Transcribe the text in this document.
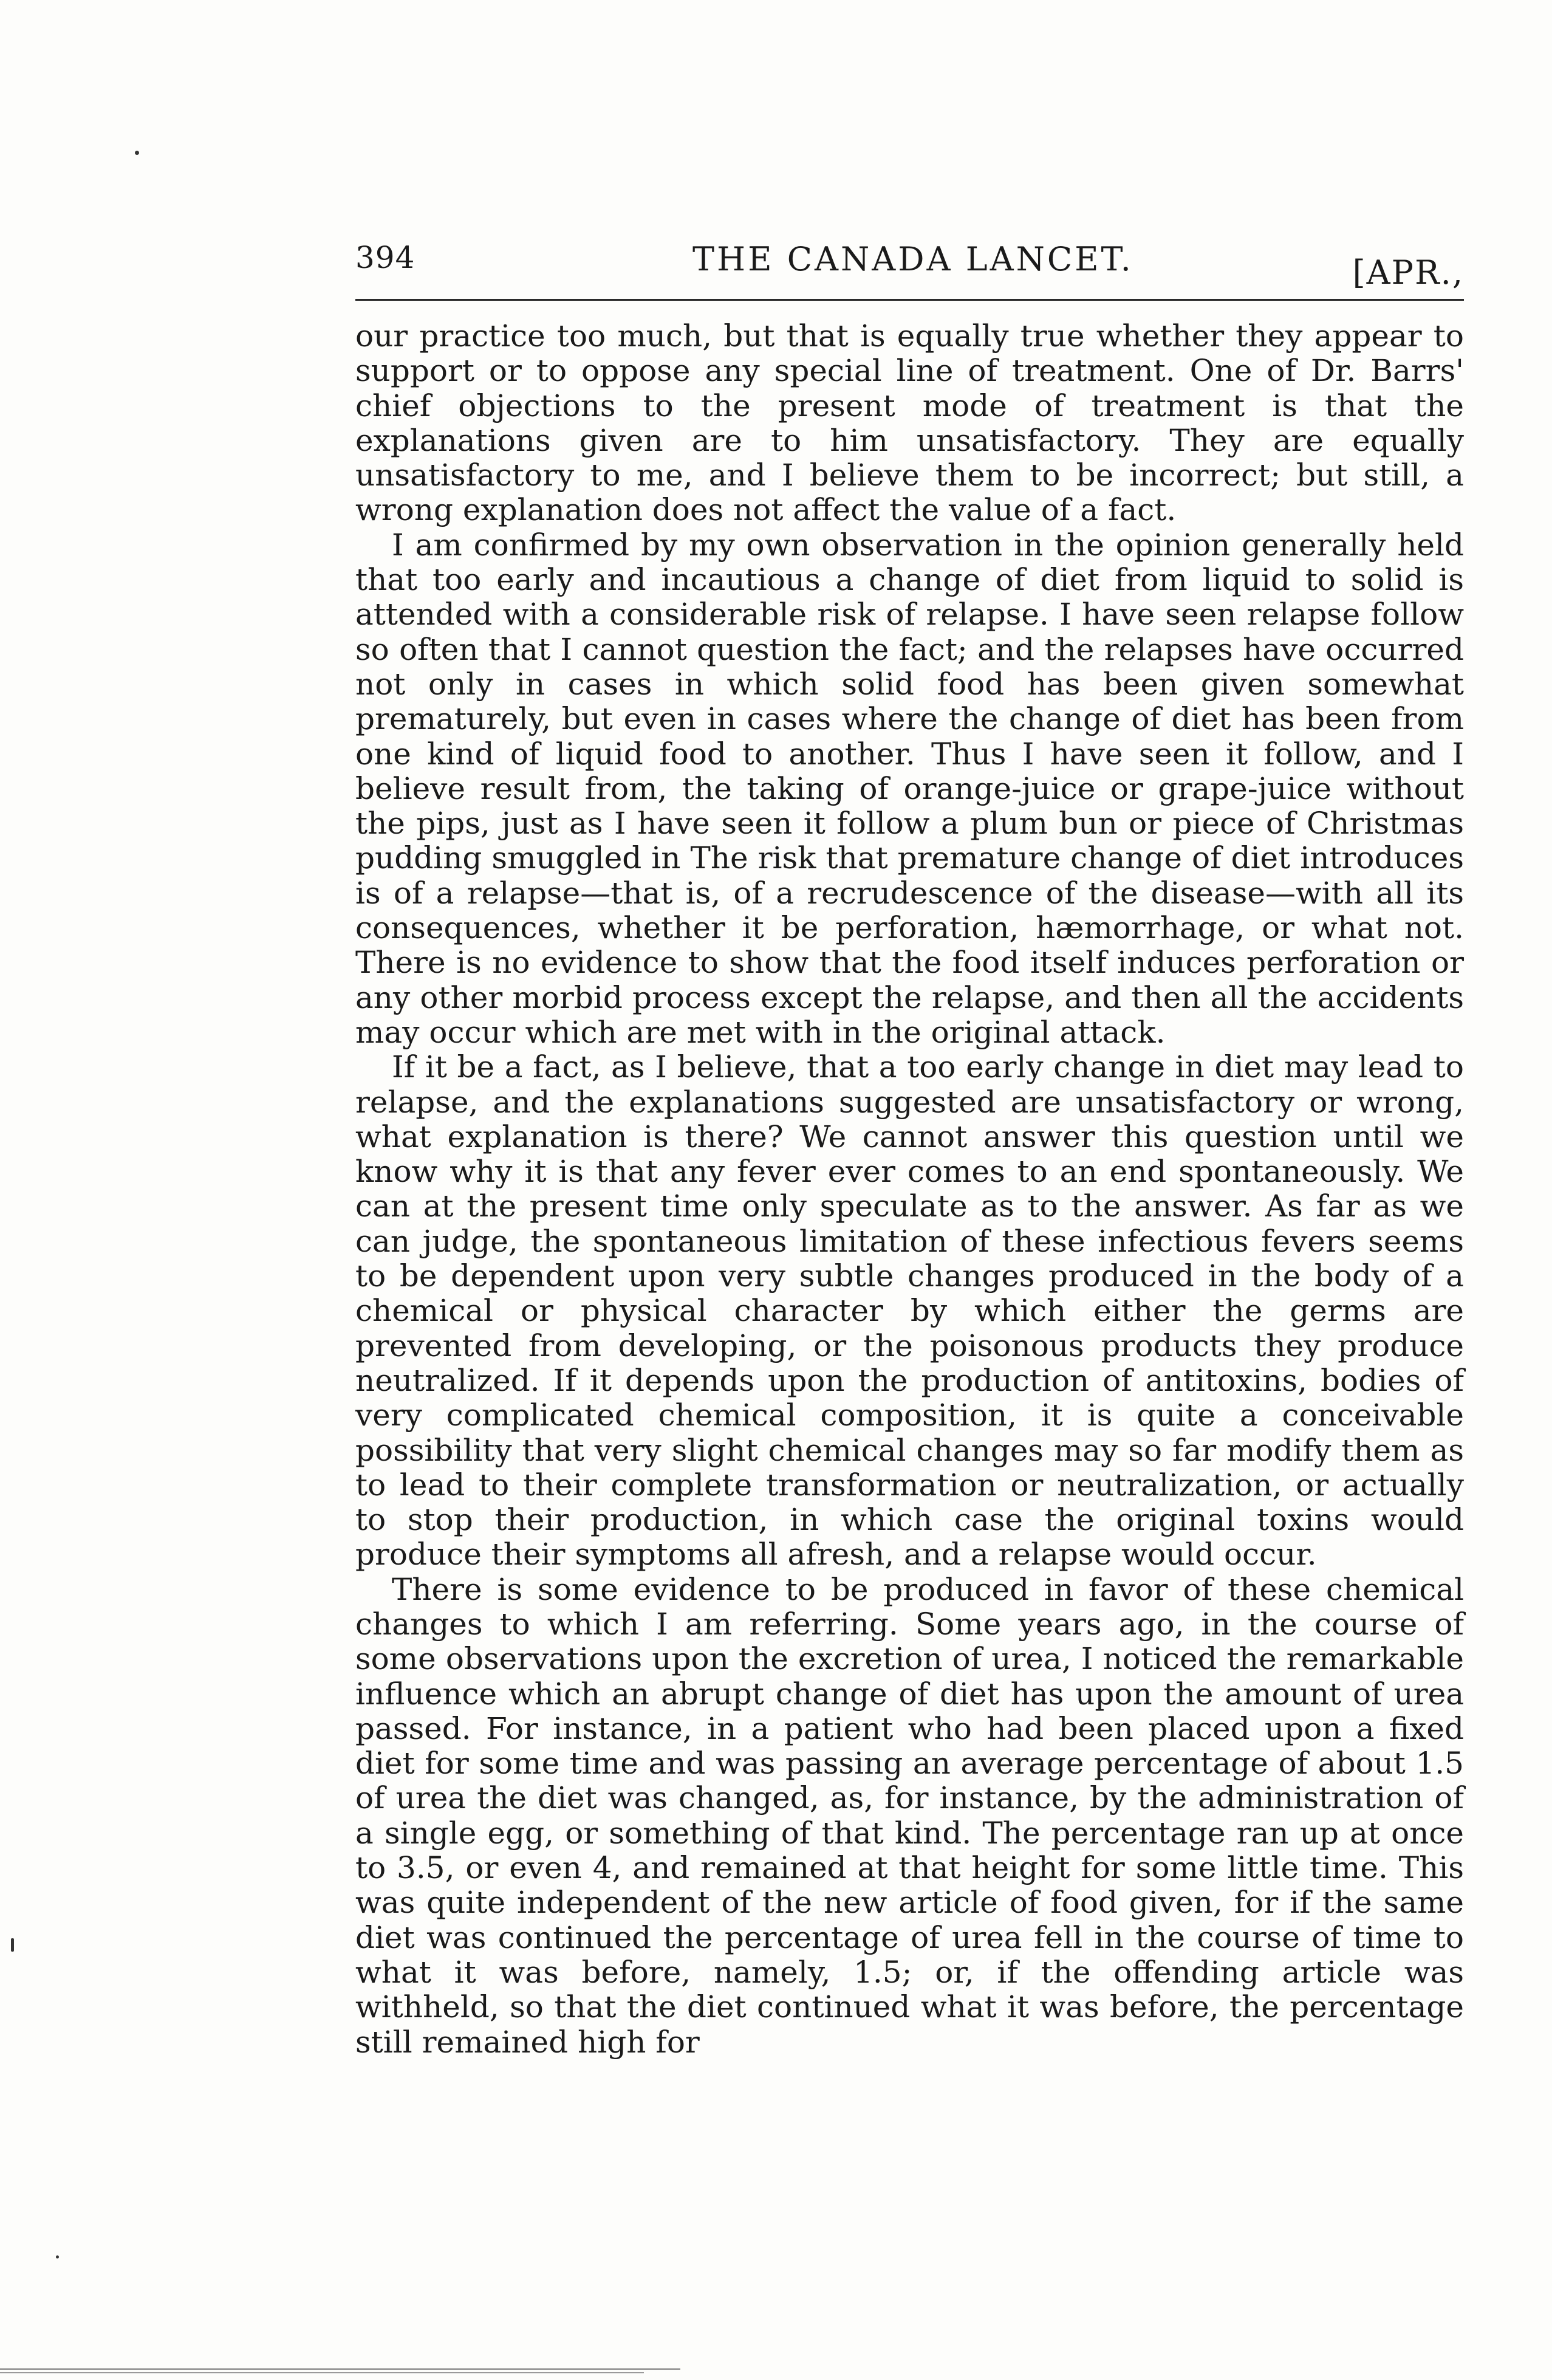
394	THE CANADA LANCET.	[APR.,

our practice too much, but that is equally true whether they appear to support or to oppose any special line of treatment. One of Dr. Barrs' chief objections to the present mode of treatment is that the explanations given are to him unsatisfactory. They are equally unsatisfactory to me, and I believe them to be incorrect; but still, a wrong explanation does not affect the value of a fact.

I am confirmed by my own observation in the opinion generally held that too early and incautious a change of diet from liquid to solid is attended with a considerable risk of relapse. I have seen relapse follow so often that I cannot question the fact; and the relapses have occurred not only in cases in which solid food has been given somewhat prematurely, but even in cases where the change of diet has been from one kind of liquid food to another. Thus I have seen it follow, and I believe result from, the taking of orange-juice or grape-juice without the pips, just as I have seen it follow a plum bun or piece of Christmas pudding smuggled in The risk that premature change of diet introduces is of a relapse—that is, of a recrudescence of the disease—with all its consequences, whether it be perforation, hæmorrhage, or what not. There is no evidence to show that the food itself induces perforation or any other morbid process except the relapse, and then all the accidents may occur which are met with in the original attack.

If it be a fact, as I believe, that a too early change in diet may lead to relapse, and the explanations suggested are unsatisfactory or wrong, what explanation is there? We cannot answer this question until we know why it is that any fever ever comes to an end spontaneously. We can at the present time only speculate as to the answer. As far as we can judge, the spontaneous limitation of these infectious fevers seems to be dependent upon very subtle changes produced in the body of a chemical or physical character by which either the germs are prevented from developing, or the poisonous products they produce neutralized. If it depends upon the production of antitoxins, bodies of very complicated chemical composition, it is quite a conceivable possibility that very slight chemical changes may so far modify them as to lead to their complete transformation or neutralization, or actually to stop their production, in which case the original toxins would produce their symptoms all afresh, and a relapse would occur.

There is some evidence to be produced in favor of these chemical changes to which I am referring. Some years ago, in the course of some observations upon the excretion of urea, I noticed the remarkable influence which an abrupt change of diet has upon the amount of urea passed. For instance, in a patient who had been placed upon a fixed diet for some time and was passing an average percentage of about 1.5 of urea the diet was changed, as, for instance, by the administration of a single egg, or something of that kind. The percentage ran up at once to 3.5, or even 4, and remained at that height for some little time. This was quite independent of the new article of food given, for if the same diet was continued the percentage of urea fell in the course of time to what it was before, namely, 1.5; or, if the offending article was withheld, so that the diet continued what it was before, the percentage still remained high for
